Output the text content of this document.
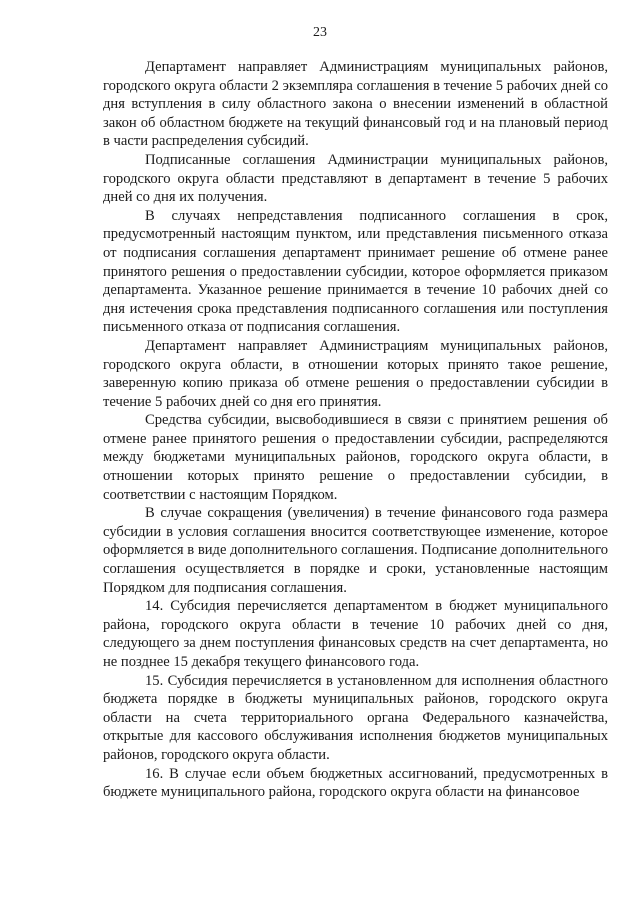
23

Департамент направляет Администрациям муниципальных районов, городского округа области 2 экземпляра соглашения в течение 5 рабочих дней со дня вступления в силу областного закона о внесении изменений в областной закон об областном бюджете на текущий финансовый год и на плановый период в части распределения субсидий.

Подписанные соглашения Администрации муниципальных районов, городского округа области представляют в департамент в течение 5 рабочих дней со дня их получения.

В случаях непредставления подписанного соглашения в срок, предусмотренный настоящим пунктом, или представления письменного отказа от подписания соглашения департамент принимает решение об отмене ранее принятого решения о предоставлении субсидии, которое оформляется приказом департамента. Указанное решение принимается в течение 10 рабочих дней со дня истечения срока представления подписанного соглашения или поступления письменного отказа от подписания соглашения.

Департамент направляет Администрациям муниципальных районов, городского округа области, в отношении которых принято такое решение, заверенную копию приказа об отмене решения о предоставлении субсидии в течение 5 рабочих дней со дня его принятия.

Средства субсидии, высвободившиеся в связи с принятием решения об отмене ранее принятого решения о предоставлении субсидии, распределяются между бюджетами муниципальных районов, городского округа области, в отношении которых принято решение о предоставлении субсидии, в соответствии с настоящим Порядком.

В случае сокращения (увеличения) в течение финансового года размера субсидии в условия соглашения вносится соответствующее изменение, которое оформляется в виде дополнительного соглашения. Подписание дополнительного соглашения осуществляется в порядке и сроки, установленные настоящим Порядком для подписания соглашения.

14. Субсидия перечисляется департаментом в бюджет муниципального района, городского округа области в течение 10 рабочих дней со дня, следующего за днем поступления финансовых средств на счет департамента, но не позднее 15 декабря текущего финансового года.

15. Субсидия перечисляется в установленном для исполнения областного бюджета порядке в бюджеты муниципальных районов, городского округа области на счета территориального органа Федерального казначейства, открытые для кассового обслуживания исполнения бюджетов муниципальных районов, городского округа области.

16. В случае если объем бюджетных ассигнований, предусмотренных в бюджете муниципального района, городского округа области на финансовое
